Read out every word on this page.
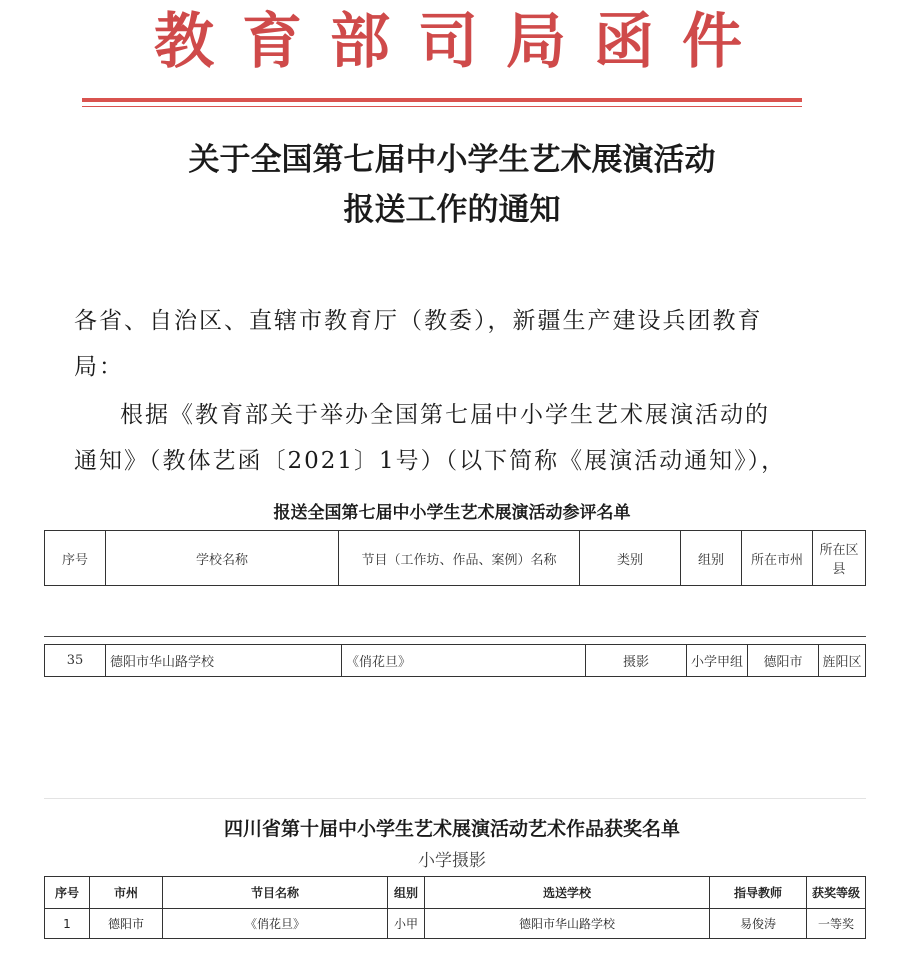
教育部司局函件
关于全国第七届中小学生艺术展演活动
报送工作的通知
各省、自治区、直辖市教育厅（教委），新疆生产建设兵团教育
局：
根据《教育部关于举办全国第七届中小学生艺术展演活动的
通知》（教体艺函〔2021〕1号）（以下简称《展演活动通知》），
报送全国第七届中小学生艺术展演活动参评名单
序号	学校名称	节目（工作坊、作品、案例）名称	类别	组别	所在市州	所在区县
35	德阳市华山路学校	《俏花旦》	摄影	小学甲组	德阳市	旌阳区
四川省第十届中小学生艺术展演活动艺术作品获奖名单
小学摄影
序号	市州	节目名称	组别	选送学校	指导教师	获奖等级
1	德阳市	《俏花旦》	小甲	德阳市华山路学校	易俊涛	一等奖
